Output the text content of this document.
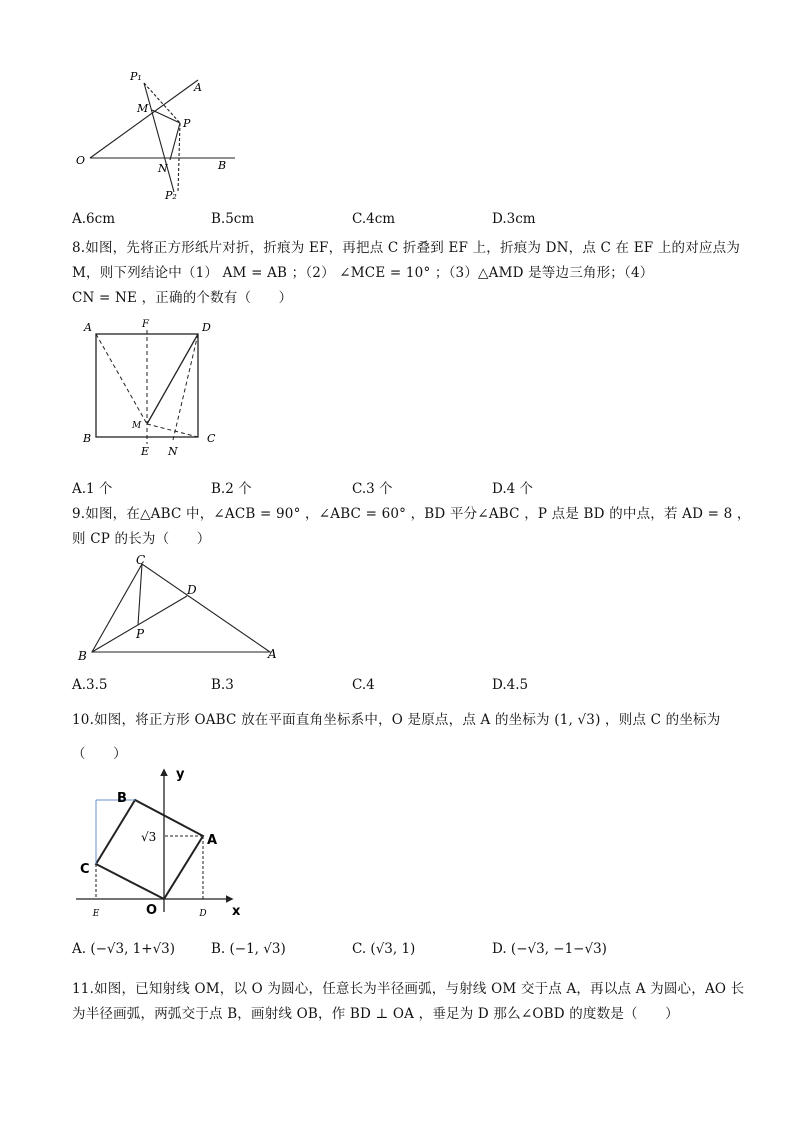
P₁
A
M
P
O
N	B
P₂
A.6cm	B.5cm	C.4cm	D.3cm
8.如图，先将正方形纸片对折，折痕为 EF，再把点 C 折叠到 EF 上，折痕为 DN，点 C 在 EF 上的对应点为
M，则下列结论中（1） AM = AB ；（2） ∠MCE = 10° ；（3）△AMD 是等边三角形；（4）
CN = NE ，正确的个数有（　　）
A	F	D
M
B
E N
C
A.1 个	B.2 个	C.3 个	D.4 个
9.如图，在△ABC 中，∠ACB = 90° ，∠ABC = 60° ，BD 平分∠ABC ，P 点是 BD 的中点，若 AD = 8 ，
则 CP 的长为（　　）
C
D
P
B	A
A.3.5	B.3	C.4	D.4.5
10.如图，将正方形 OABC 放在平面直角坐标系中，O 是原点，点 A 的坐标为 (1, √3) ，则点 C 的坐标为
（　　）
y
x
B
A
C
O
E	D
√3
A. (−√3, 1+√3)	B. (−1, √3)	C. (√3, 1)	D. (−√3, −1−√3)
11.如图，已知射线 OM，以 O 为圆心，任意长为半径画弧，与射线 OM 交于点 A，再以点 A 为圆心，AO 长
为半径画弧，两弧交于点 B，画射线 OB，作 BD ⊥ OA ，垂足为 D 那么∠OBD 的度数是（　　）
